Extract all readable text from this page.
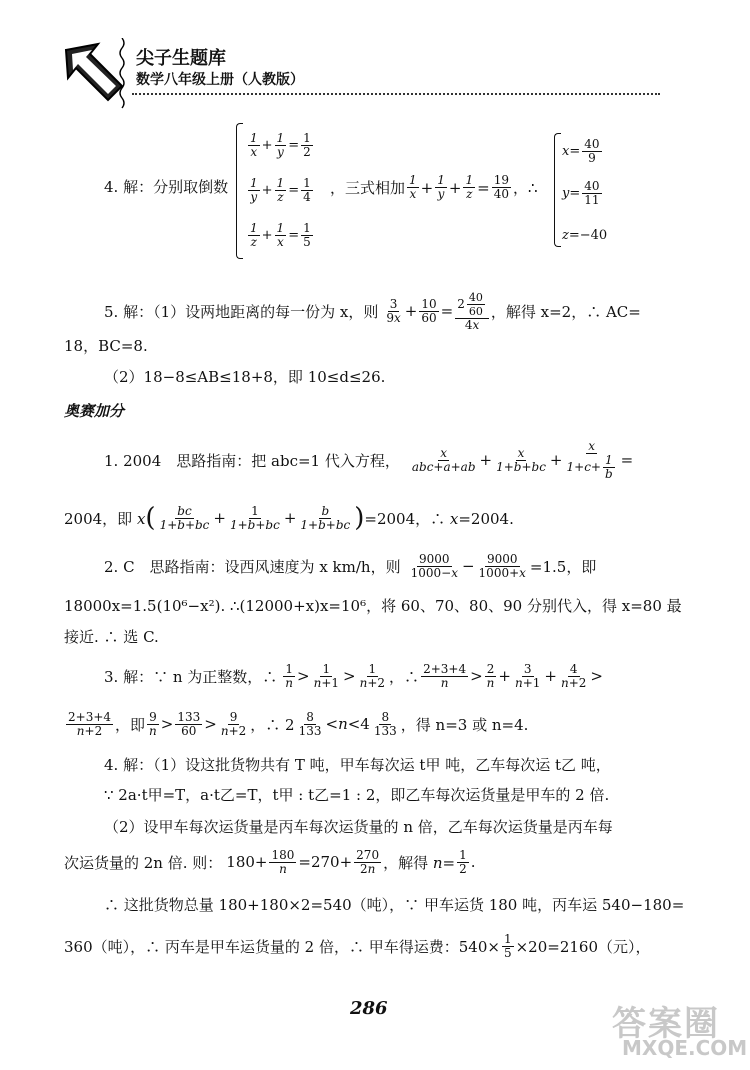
尖子生题库
数学八年级上册（人教版）
4. 解：分别取倒数
$\frac{1}{x} + \frac{1}{y} = \frac{1}{2}$
$\frac{1}{y} + \frac{1}{z} = \frac{1}{4}$
$\frac{1}{z} + \frac{1}{x} = \frac{1}{5}$
， 三式相加 $\frac{1}{x} + \frac{1}{y} + \frac{1}{z} = \frac{19}{40}$ ， ∴
$x = \frac{40}{9}$
$y = \frac{40}{11}$
z =−40
5. 解：（1）设两地距离的每一份为 x，则 $\frac{3}{9x} + \frac{10}{60} = \frac{2 \frac{40}{60}}{4x}$ ，解得 x=2，∴ AC=
18，BC=8.
（2）18−8≤AB≤18+8，即 10≤d≤26.
奥赛加分
1. 2004　思路指南：把 abc=1 代入方程， $\frac{x}{\text{abc+a+ab}} + \frac{x}{1+b+bc} + \frac{x}{1+c+ \frac{1}{b}}$ =
2004，即 x ( $\frac{bc}{1+b+bc} + \frac{1}{1+b+bc} + \frac{b}{1+b+bc}$ ) =2004，∴ x=2004.
2. C　思路指南：设西风速度为 x km/h，则 $\frac{9000}{1000-x} - \frac{9000}{1000+x} =1.5$，即
18000x=1.5(10⁶−x²). ∴(12000+x)x=10⁶，将 60、70、80、90 分别代入，得 x=80 最
接近. ∴ 选 C.
3. 解：∵ n 为正整数，∴ $\frac{1}{n} > \frac{1}{n+1} > \frac{1}{n+2}$ ，∴ $\frac{2+3+4}{n} > \frac{2}{n} + \frac{3}{n+1} + \frac{4}{n+2}$ >
$\frac{2+3+4}{n+2}$ ，即 $\frac{9}{n} > \frac{133}{60} > \frac{9}{n+2}$ ，∴ $2 \frac{8}{133} <n<4 \frac{8}{133}$ ，得 n=3 或 n=4.
4. 解：（1）设这批货物共有 T 吨，甲车每次运 t甲 吨，乙车每次运 t乙 吨，
∵ 2a·t甲=T，a·t乙=T，t甲 : t乙=1 : 2，即乙车每次运货量是甲车的 2 倍.
（2）设甲车每次运货量是丙车每次运货量的 n 倍，乙车每次运货量是丙车每
次运货量的 2n 倍. 则： $180+ \frac{180}{n} =270+ \frac{270}{2n}$ ，解得 $n= \frac{1}{2}$ .
∴ 这批货物总量 180+180×2=540（吨），∵ 甲车运货 180 吨，丙车运 540−180=
360（吨），∴ 丙车是甲车运货量的 2 倍，∴ 甲车得运费：$540\times \frac{1}{5} \times 20=2160$（元），
286	答案圈
MXQE.COM
